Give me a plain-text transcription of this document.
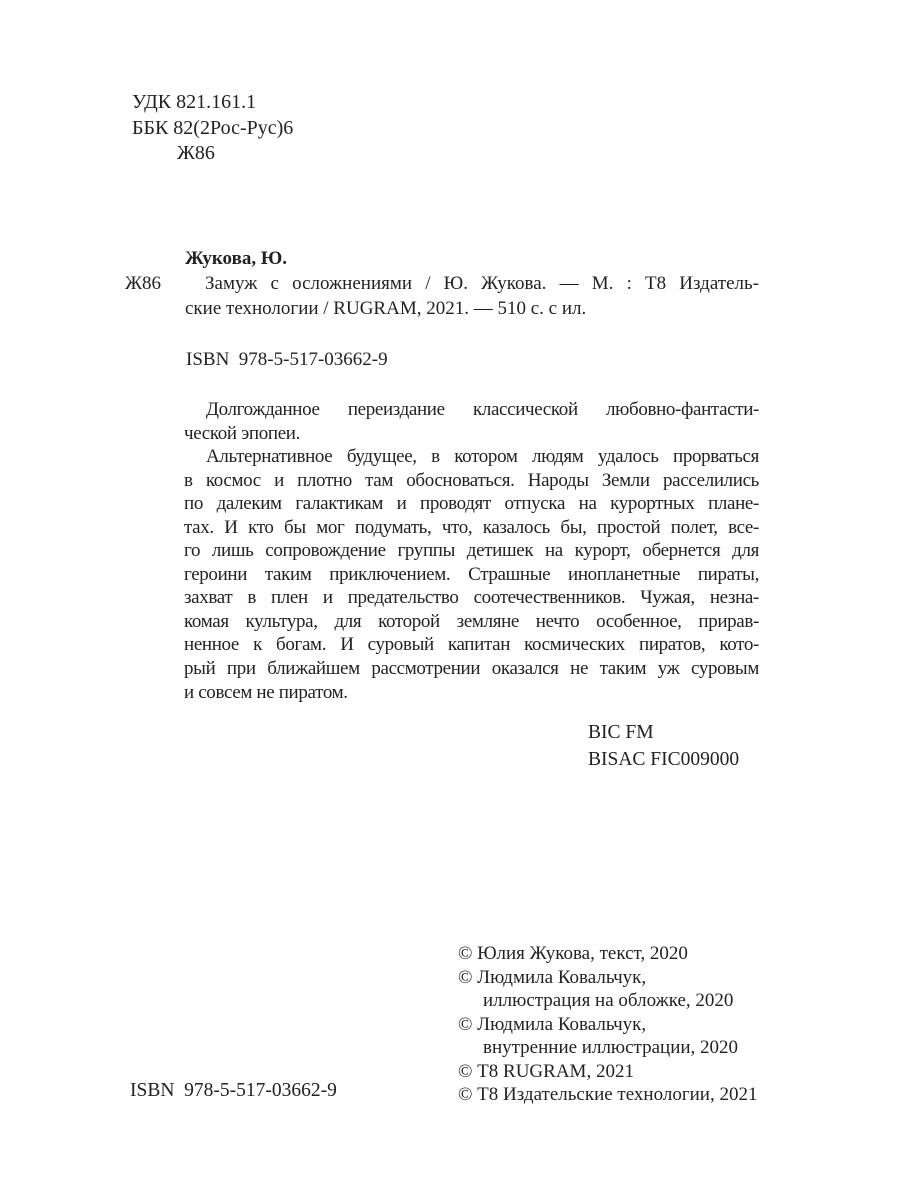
УДК 821.161.1
ББК 82(2Рос-Рус)6
Ж86
Жукова, Ю.
Ж86	Замуж с осложнениями / Ю. Жукова. — М. : Т8 Издатель-
ские технологии / RUGRAM, 2021. — 510 с. с ил.
ISBN  978-5-517-03662-9
Долгожданное переиздание классической любовно-фантасти-
ческой эпопеи.
Альтернативное будущее, в котором людям удалось прорваться
в космос и плотно там обосноваться. Народы Земли расселились
по далеким галактикам и проводят отпуска на курортных плане-
тах. И кто бы мог подумать, что, казалось бы, простой полет, все-
го лишь сопровождение группы детишек на курорт, обернется для
героини таким приключением. Страшные инопланетные пираты,
захват в плен и предательство соотечественников. Чужая, незна-
комая культура, для которой земляне нечто особенное, прирав-
ненное к богам. И суровый капитан космических пиратов, кото-
рый при ближайшем рассмотрении оказался не таким уж суровым
и совсем не пиратом.
BIC FM
BISAC FIC009000
© Юлия Жукова, текст, 2020
© Людмила Ковальчук,
иллюстрация на обложке, 2020
© Людмила Ковальчук,
внутренние иллюстрации, 2020
© Т8 RUGRAM, 2021
© Т8 Издательские технологии, 2021
ISBN  978-5-517-03662-9
